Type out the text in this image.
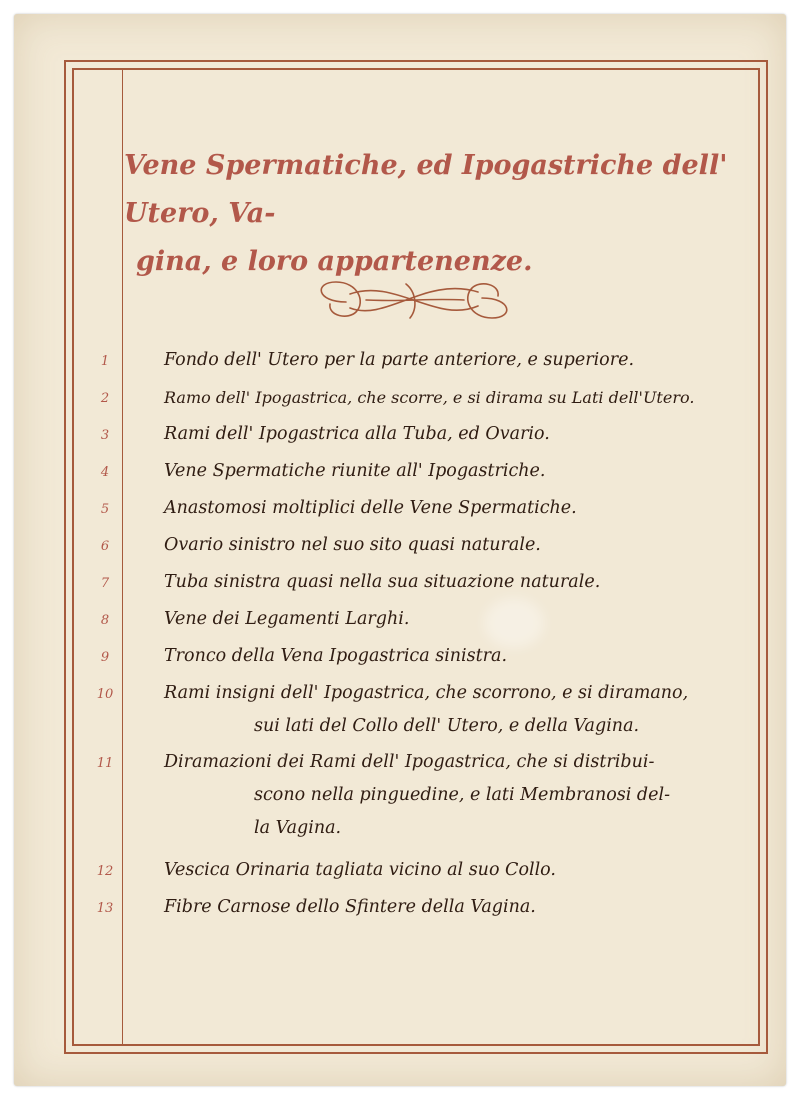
Vene Spermatiche, ed Ipogastriche dell' Utero, Va-
gina, e loro appartenenze.
1	Fondo dell' Utero per la parte anteriore, e superiore.

2	Ramo dell' Ipogastrica, che scorre, e si dirama su Lati dell'Utero.

3	Rami dell' Ipogastrica alla Tuba, ed Ovario.

4	Vene Spermatiche riunite all' Ipogastriche.

5	Anastomosi moltiplici delle Vene Spermatiche.

6	Ovario sinistro nel suo sito quasi naturale.

7	Tuba sinistra quasi nella sua situazione naturale.

8	Vene dei Legamenti Larghi.

9	Tronco della Vena Ipogastrica sinistra.

10	Rami insigni dell' Ipogastrica, che scorrono, e si diramano,
sui lati del Collo dell' Utero, e della Vagina.

11	Diramazioni dei Rami dell' Ipogastrica, che si distribui-
scono nella pinguedine, e lati Membranosi del-
la Vagina.

12	Vescica Orinaria tagliata vicino al suo Collo.

13	Fibre Carnose dello Sfintere della Vagina.
